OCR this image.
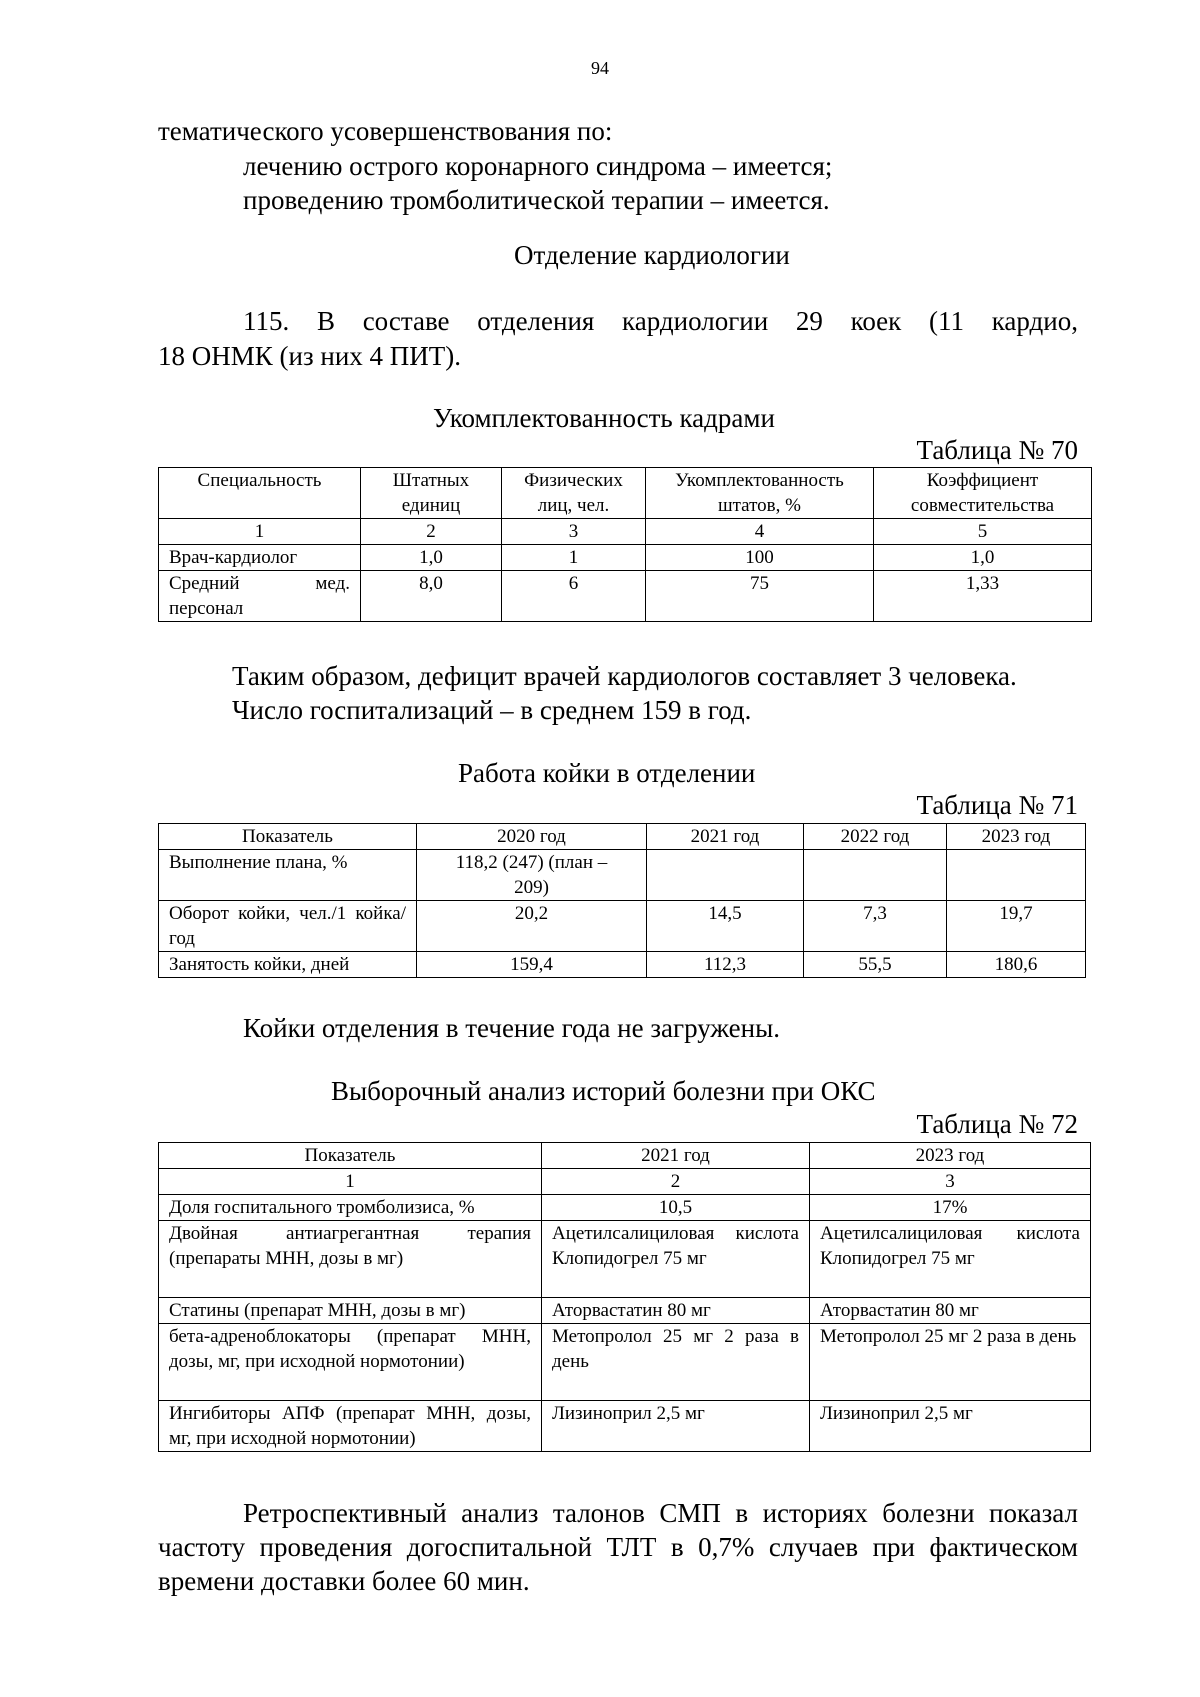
94
тематического усовершенствования по:
лечению острого коронарного синдрома – имеется;
проведению тромболитической терапии – имеется.
Отделение кардиологии
115. В составе отделения кардиологии 29 коек (11 кардио,
18 ОНМК (из них 4 ПИТ).
Укомплектованность кадрами
Таблица № 70
Специальность	Штатных единиц	Физических лиц, чел.	Укомплектованность штатов, %	Коэффициент совместительства
1	2	3	4	5
Врач-кардиолог	1,0	1	100	1,0
Средний мед. персонал	8,0	6	75	1,33
Таким образом, дефицит врачей кардиологов составляет 3 человека.
Число госпитализаций – в среднем 159 в год.
Работа койки в отделении
Таблица № 71
Показатель	2020 год	2021 год	2022 год	2023 год
Выполнение плана, %	118,2 (247) (план – 209)			
Оборот койки, чел./1 койка/год	20,2	14,5	7,3	19,7
Занятость койки, дней	159,4	112,3	55,5	180,6
Койки отделения в течение года не загружены.
Выборочный анализ историй болезни при ОКС
Таблица № 72
Показатель	2021 год	2023 год
1	2	3
Доля госпитального тромболизиса, %	10,5	17%
Двойная антиагрегантная терапия (препараты МНН, дозы в мг)	Ацетилсалициловая кислота Клопидогрел 75 мг	Ацетилсалициловая кислота Клопидогрел 75 мг
Статины (препарат МНН, дозы в мг)	Аторвастатин 80 мг	Аторвастатин 80 мг
бета-адреноблокаторы (препарат МНН, дозы, мг, при исходной нормотонии)	Метопролол 25 мг 2 раза в день	Метопролол 25 мг 2 раза в день
Ингибиторы АПФ (препарат МНН, дозы, мг, при исходной нормотонии)	Лизиноприл 2,5 мг	Лизиноприл 2,5 мг
Ретроспективный анализ талонов СМП в историях болезни показал
частоту проведения догоспитальной ТЛТ в 0,7% случаев при фактическом
времени доставки более 60 мин.
